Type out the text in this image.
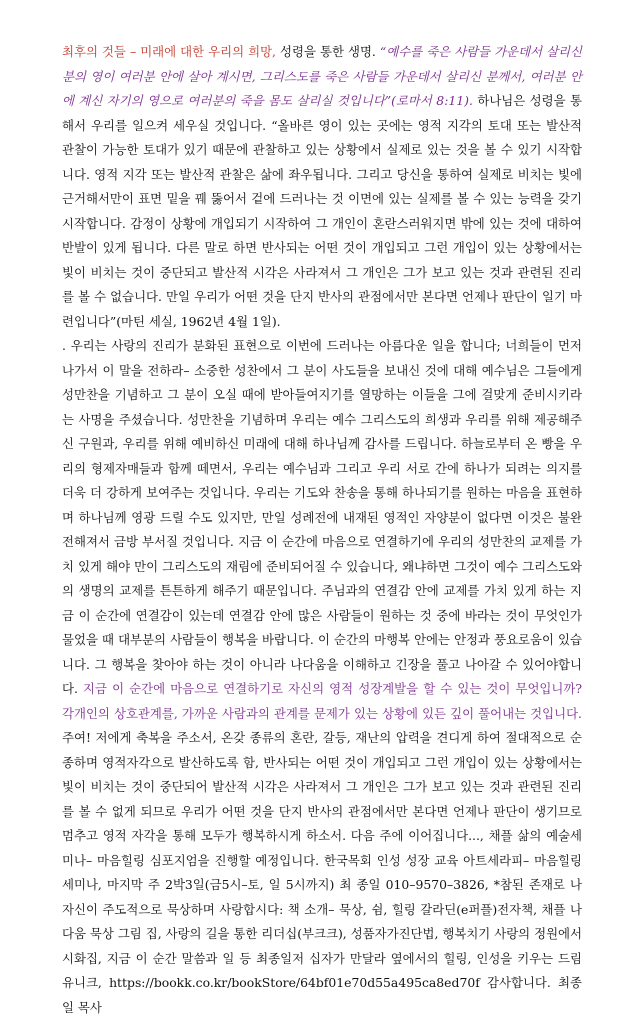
최후의 것들 – 미래에 대한 우리의 희망, 성령을 통한 생명. “예수를 죽은 사람들 가운데서 살리신 분의 영이 여러분 안에 살아 계시면, 그리스도를 죽은 사람들 가운데서 살리신 분께서, 여러분 안에 계신 자기의 영으로 여러분의 죽을 몸도 살리실 것입니다”(로마서 8:11). 하나님은 성령을 통해서 우리를 일으켜 세우실 것입니다. “올바른 영이 있는 곳에는 영적 지각의 토대 또는 발산적 관찰이 가능한 토대가 있기 때문에 관찰하고 있는 상황에서 실제로 있는 것을 볼 수 있기 시작합니다. 영적 지각 또는 발산적 관찰은 삶에 좌우됩니다. 그리고 당신을 통하여 실제로 비치는 빛에 근거해서만이 표면 밑을 꿰 뚫어서 겉에 드러나는 것 이면에 있는 실제를 볼 수 있는 능력을 갖기 시작합니다. 감정이 상황에 개입되기 시작하여 그 개인이 혼란스러워지면 밖에 있는 것에 대하여 반발이 있게 됩니다. 다른 말로 하면 반사되는 어떤 것이 개입되고 그런 개입이 있는 상황에서는 빛이 비치는 것이 중단되고 발산적 시각은 사라져서 그 개인은 그가 보고 있는 것과 관련된 진리를 볼 수 없습니다. 만일 우리가 어떤 것을 단지 반사의 관점에서만 본다면 언제나 판단이 일기 마련입니다”(마틴 세실, 1962년 4월 1일).

. 우리는 사랑의 진리가 분화된 표현으로 이번에 드러나는 아름다운 일을 합니다; 너희들이 먼저 나가서 이 말을 전하라– 소중한 성찬에서 그 분이 사도들을 보내신 것에 대해 예수님은 그들에게 성만찬을 기념하고 그 분이 오실 때에 받아들여지기를 열망하는 이들을 그에 걸맞게 준비시키라는 사명을 주셨습니다. 성만찬을 기념하며 우리는 예수 그리스도의 희생과 우리를 위해 제공해주신 구원과, 우리를 위해 예비하신 미래에 대해 하나님께 감사를 드립니다. 하늘로부터 온 빵을 우리의 형제자매들과 함께 떼면서, 우리는 예수님과 그리고 우리 서로 간에 하나가 되려는 의지를 더욱 더 강하게 보여주는 것입니다. 우리는 기도와 찬송을 통해 하나되기를 원하는 마음을 표현하며 하나님께 영광 드릴 수도 있지만, 만일 성례전에 내재된 영적인 자양분이 없다면 이것은 불완전해져서 금방 부서질 것입니다. 지금 이 순간에 마음으로 연결하기에 우리의 성만찬의 교제를 가치 있게 해야 만이 그리스도의 재림에 준비되어질 수 있습니다, 왜냐하면 그것이 예수 그리스도와의 생명의 교제를 튼튼하게 해주기 때문입니다. 주님과의 연결감 안에 교제를 가치 있게 하는 지금 이 순간에 연결감이 있는데 연결감 안에 많은 사람들이 원하는 것 중에 바라는 것이 무엇인가 물었을 때 대부분의 사람들이 행복을 바랍니다. 이 순간의 마행복 안에는 안정과 풍요로움이 있습니다. 그 행복을 찾아야 하는 것이 아니라 나다움을 이해하고 긴장을 풀고 나아갈 수 있어야합니다. 지금 이 순간에 마음으로 연결하기로 자신의 영적 성장계발을 할 수 있는 것이 무엇입니까? 각개인의 상호관계를, 가까운 사람과의 관계를 문제가 있는 상황에 있든 깊이 풀어내는 것입니다. 주여! 저에게 축복을 주소서, 온갖 종류의 혼란, 갈등, 재난의 압력을 견디게 하여 절대적으로 순종하며 영적자각으로 발산하도록 함, 반사되는 어떤 것이 개입되고 그런 개입이 있는 상황에서는 빛이 비치는 것이 중단되어 발산적 시각은 사라져서 그 개인은 그가 보고 있는 것과 관련된 진리를 볼 수 없게 되므로 우리가 어떤 것을 단지 반사의 관점에서만 본다면 언제나 판단이 생기므로 멈추고 영적 자각을 통해 모두가 행복하시게 하소서. 다음 주에 이어집니다..., 채플 삶의 예술세미나– 마음힐링 심포지엄을 진행할 예정입니다. 한국목회 인성 성장 교육 아트세라피– 마음힐링 세미나, 마지막 주 2박3일(금5시–토, 일 5시까지) 최 종일 010–9570–3826, *참된 존재로 나 자신이 주도적으로 묵상하며 사랑합시다: 책 소개– 묵상, 쉼, 힐링 갈라딘(e퍼플)전자책, 채플 나다움 묵상 그림 집, 사랑의 길을 통한 리더십(부크크), 성품자가진단법, 행복치기 사랑의 정원에서 시화집, 지금 이 순간 말씀과 일 등 최종일저 십자가 만달라 옆에서의 힐링, 인성을 키우는 드림 유니크, https://bookk.co.kr/bookStore/64bf01e70d55a495ca8ed70f 감사합니다. 최종일 목사
